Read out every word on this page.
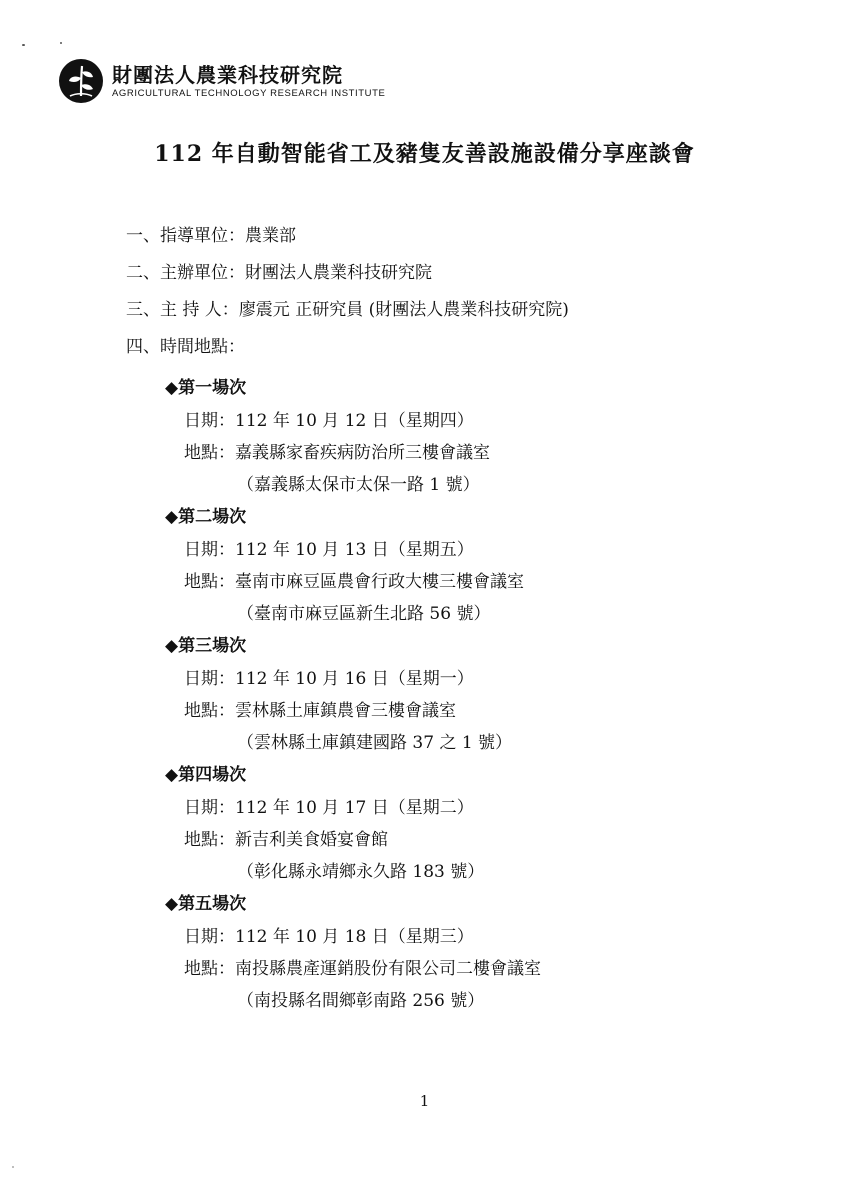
財團法人農業科技研究院
AGRICULTURAL TECHNOLOGY RESEARCH INSTITUTE
112 年自動智能省工及豬隻友善設施設備分享座談會
一、指導單位：農業部
二、主辦單位：財團法人農業科技研究院
三、主 持 人：廖震元 正研究員 (財團法人農業科技研究院)
四、時間地點：
◆第一場次
日期：112 年 10 月 12 日（星期四）
地點：嘉義縣家畜疾病防治所三樓會議室
（嘉義縣太保市太保一路 1 號）
◆第二場次
日期：112 年 10 月 13 日（星期五）
地點：臺南市麻豆區農會行政大樓三樓會議室
（臺南市麻豆區新生北路 56 號）
◆第三場次
日期：112 年 10 月 16 日（星期一）
地點：雲林縣土庫鎮農會三樓會議室
（雲林縣土庫鎮建國路 37 之 1 號）
◆第四場次
日期：112 年 10 月 17 日（星期二）
地點：新吉利美食婚宴會館
（彰化縣永靖鄉永久路 183 號）
◆第五場次
日期：112 年 10 月 18 日（星期三）
地點：南投縣農產運銷股份有限公司二樓會議室
（南投縣名間鄉彰南路 256 號）
1
